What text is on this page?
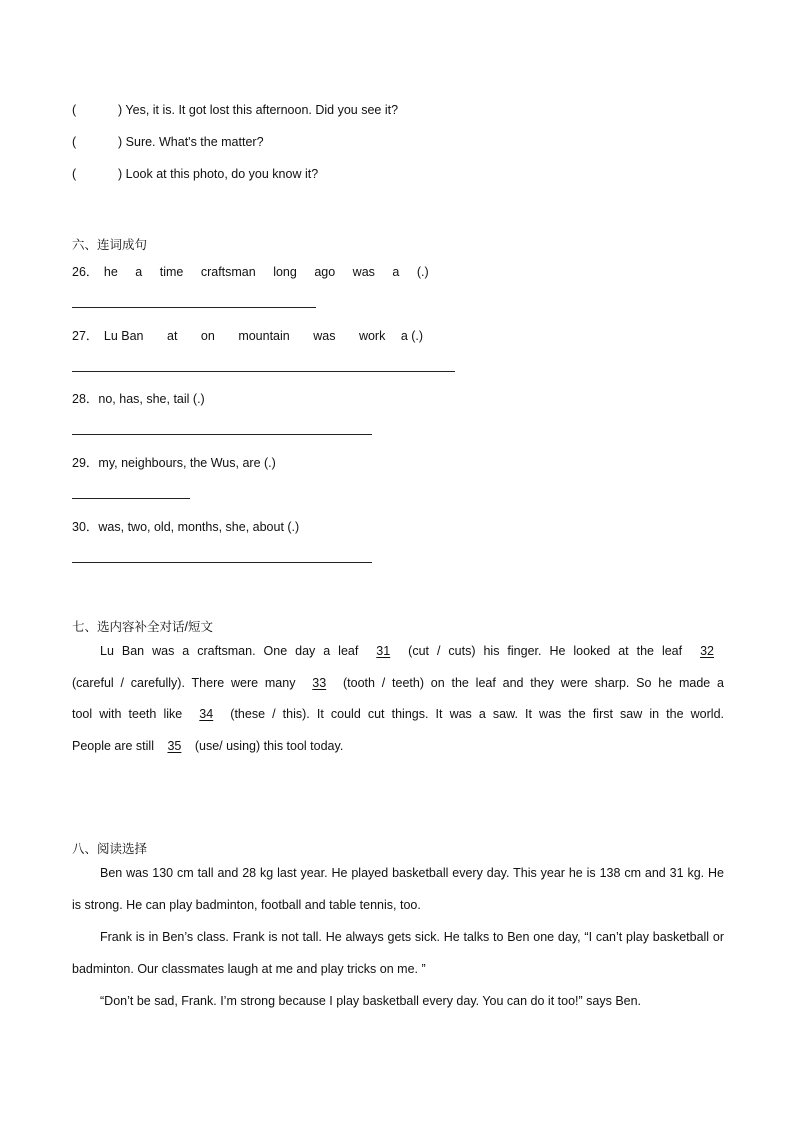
(	) Yes, it is. It got lost this afternoon. Did you see it?
(	) Sure. What's the matter?
(	) Look at this photo, do you know it?
六、连词成句
26． he a time craftsman long ago was a (.)
27． Lu Ban at on mountain was work a (.)
28．no, has, she, tail (.)
29．my, neighbours, the Wus, are (.)
30．was, two, old, months, she, about (.)
七、选内容补全对话/短文
Lu Ban was a craftsman. One day a leaf 31 (cut / cuts) his finger. He looked at the leaf 32
(careful / carefully). There were many 33 (tooth / teeth) on the leaf and they were sharp. So he made a
tool with teeth like 34 (these / this). It could cut things. It was a saw. It was the first saw in the world.
People are still 35 (use/ using) this tool today.
八、阅读选择
Ben was 130 cm tall and 28 kg last year. He played basketball every day. This year he is 138 cm and 31 kg. He
is strong. He can play badminton, football and table tennis, too.
Frank is in Ben’s class. Frank is not tall. He always gets sick. He talks to Ben one day, “I can’t play basketball or
badminton. Our classmates laugh at me and play tricks on me. ”
“Don’t be sad, Frank. I’m strong because I play basketball every day. You can do it too!” says Ben.
